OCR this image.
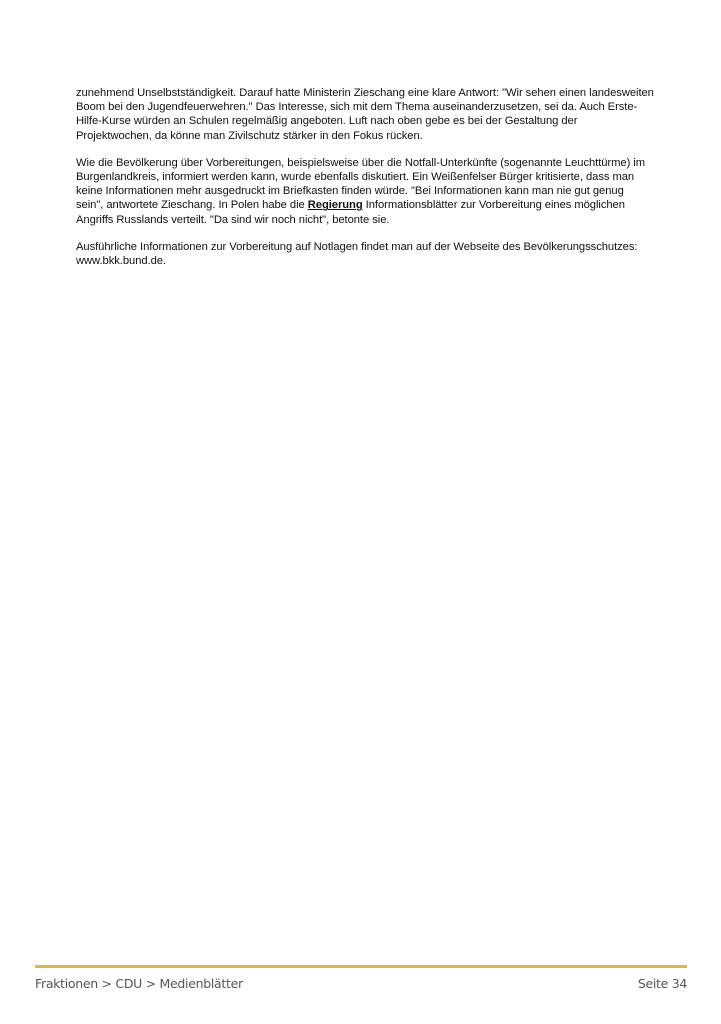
zunehmend Unselbstständigkeit. Darauf hatte Ministerin Zieschang eine klare Antwort: "Wir sehen einen landesweiten Boom bei den Jugendfeuerwehren." Das Interesse, sich mit dem Thema auseinanderzusetzen, sei da. Auch Erste-Hilfe-Kurse würden an Schulen regelmäßig angeboten. Luft nach oben gebe es bei der Gestaltung der Projektwochen, da könne man Zivilschutz stärker in den Fokus rücken.

Wie die Bevölkerung über Vorbereitungen, beispielsweise über die Notfall-Unterkünfte (sogenannte Leuchttürme) im Burgenlandkreis, informiert werden kann, wurde ebenfalls diskutiert. Ein Weißenfelser Bürger kritisierte, dass man keine Informationen mehr ausgedruckt im Briefkasten finden würde. "Bei Informationen kann man nie gut genug sein", antwortete Zieschang. In Polen habe die Regierung Informationsblätter zur Vorbereitung eines möglichen Angriffs Russlands verteilt. "Da sind wir noch nicht", betonte sie.

Ausführliche Informationen zur Vorbereitung auf Notlagen findet man auf der Webseite des Bevölkerungsschutzes: www.bkk.bund.de.

Fraktionen > CDU > Medienblätter	Seite 34
